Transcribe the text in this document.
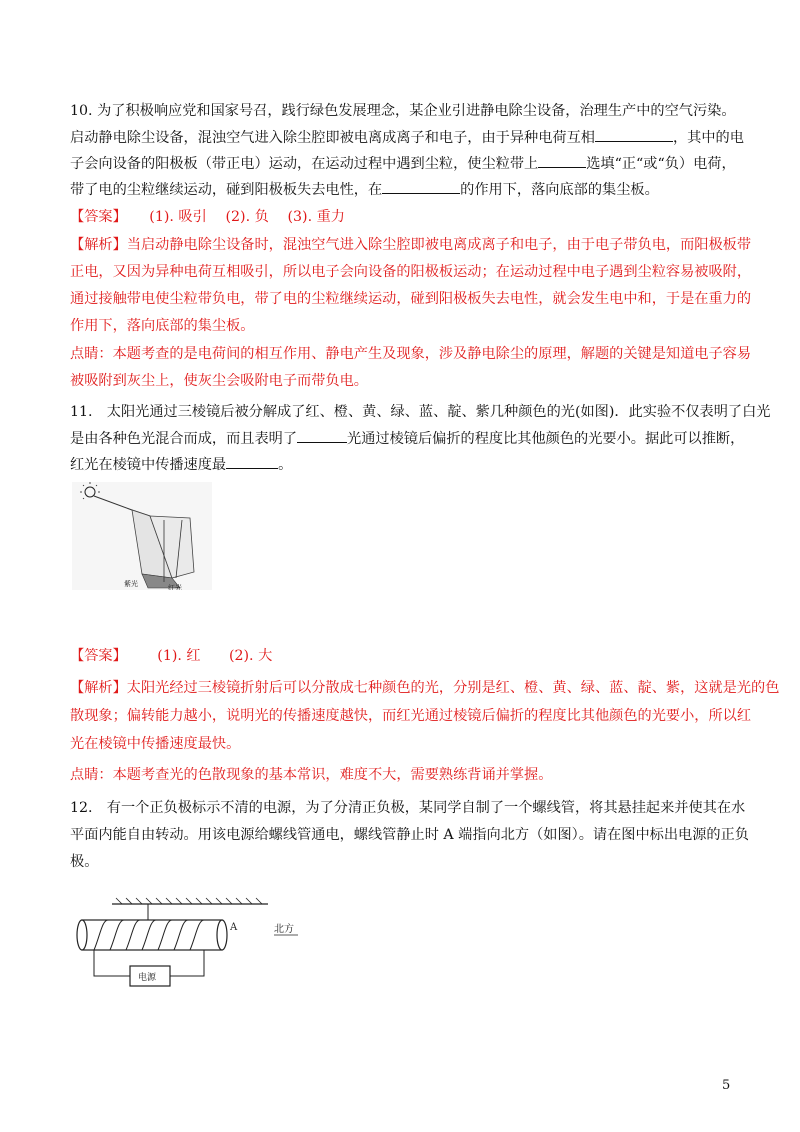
10. 为了积极响应党和国家号召，践行绿色发展理念，某企业引进静电除尘设备，治理生产中的空气污染。
启动静电除尘设备，混浊空气进入除尘腔即被电离成离子和电子，由于异种电荷互相	，其中的电
子会向设备的阳极板（带正电）运动，在运动过程中遇到尘粒，使尘粒带上	选填“正“或“负）电荷，
带了电的尘粒继续运动，碰到阳极板失去电性，在	的作用下，落向底部的集尘板。
【答案】 (1). 吸引　 (2). 负　 (3). 重力
【解析】当启动静电除尘设备时，混浊空气进入除尘腔即被电离成离子和电子，由于电子带负电，而阳极板带
正电，又因为异种电荷互相吸引，所以电子会向设备的阳极板运动；在运动过程中电子遇到尘粒容易被吸附，
通过接触带电使尘粒带负电，带了电的尘粒继续运动，碰到阳极板失去电性，就会发生电中和，于是在重力的
作用下，落向底部的集尘板。
点睛：本题考查的是电荷间的相互作用、静电产生及现象，涉及静电除尘的原理，解题的关键是知道电子容易
被吸附到灰尘上，使灰尘会吸附电子而带负电。
11.　太阳光通过三棱镜后被分解成了红、橙、黄、绿、蓝、靛、紫几种颜色的光(如图)．此实验不仅表明了白光
是由各种色光混合而成，而且表明了	光通过棱镜后偏折的程度比其他颜色的光要小。据此可以推断，
红光在棱镜中传播速度最	。
紫光	红光
【答案】 (1). 红　　(2). 大
【解析】太阳光经过三棱镜折射后可以分散成七种颜色的光，分别是红、橙、黄、绿、蓝、靛、紫，这就是光的色
散现象；偏转能力越小，说明光的传播速度越快，而红光通过棱镜后偏折的程度比其他颜色的光要小，所以红
光在棱镜中传播速度最快。
点睛：本题考查光的色散现象的基本常识，难度不大，需要熟练背诵并掌握。
12.　有一个正负极标示不清的电源，为了分清正负极，某同学自制了一个螺线管，将其悬挂起来并使其在水
平面内能自由转动。用该电源给螺线管通电，螺线管静止时 A 端指向北方（如图）。请在图中标出电源的正负
极。
电源
A	北方
5
